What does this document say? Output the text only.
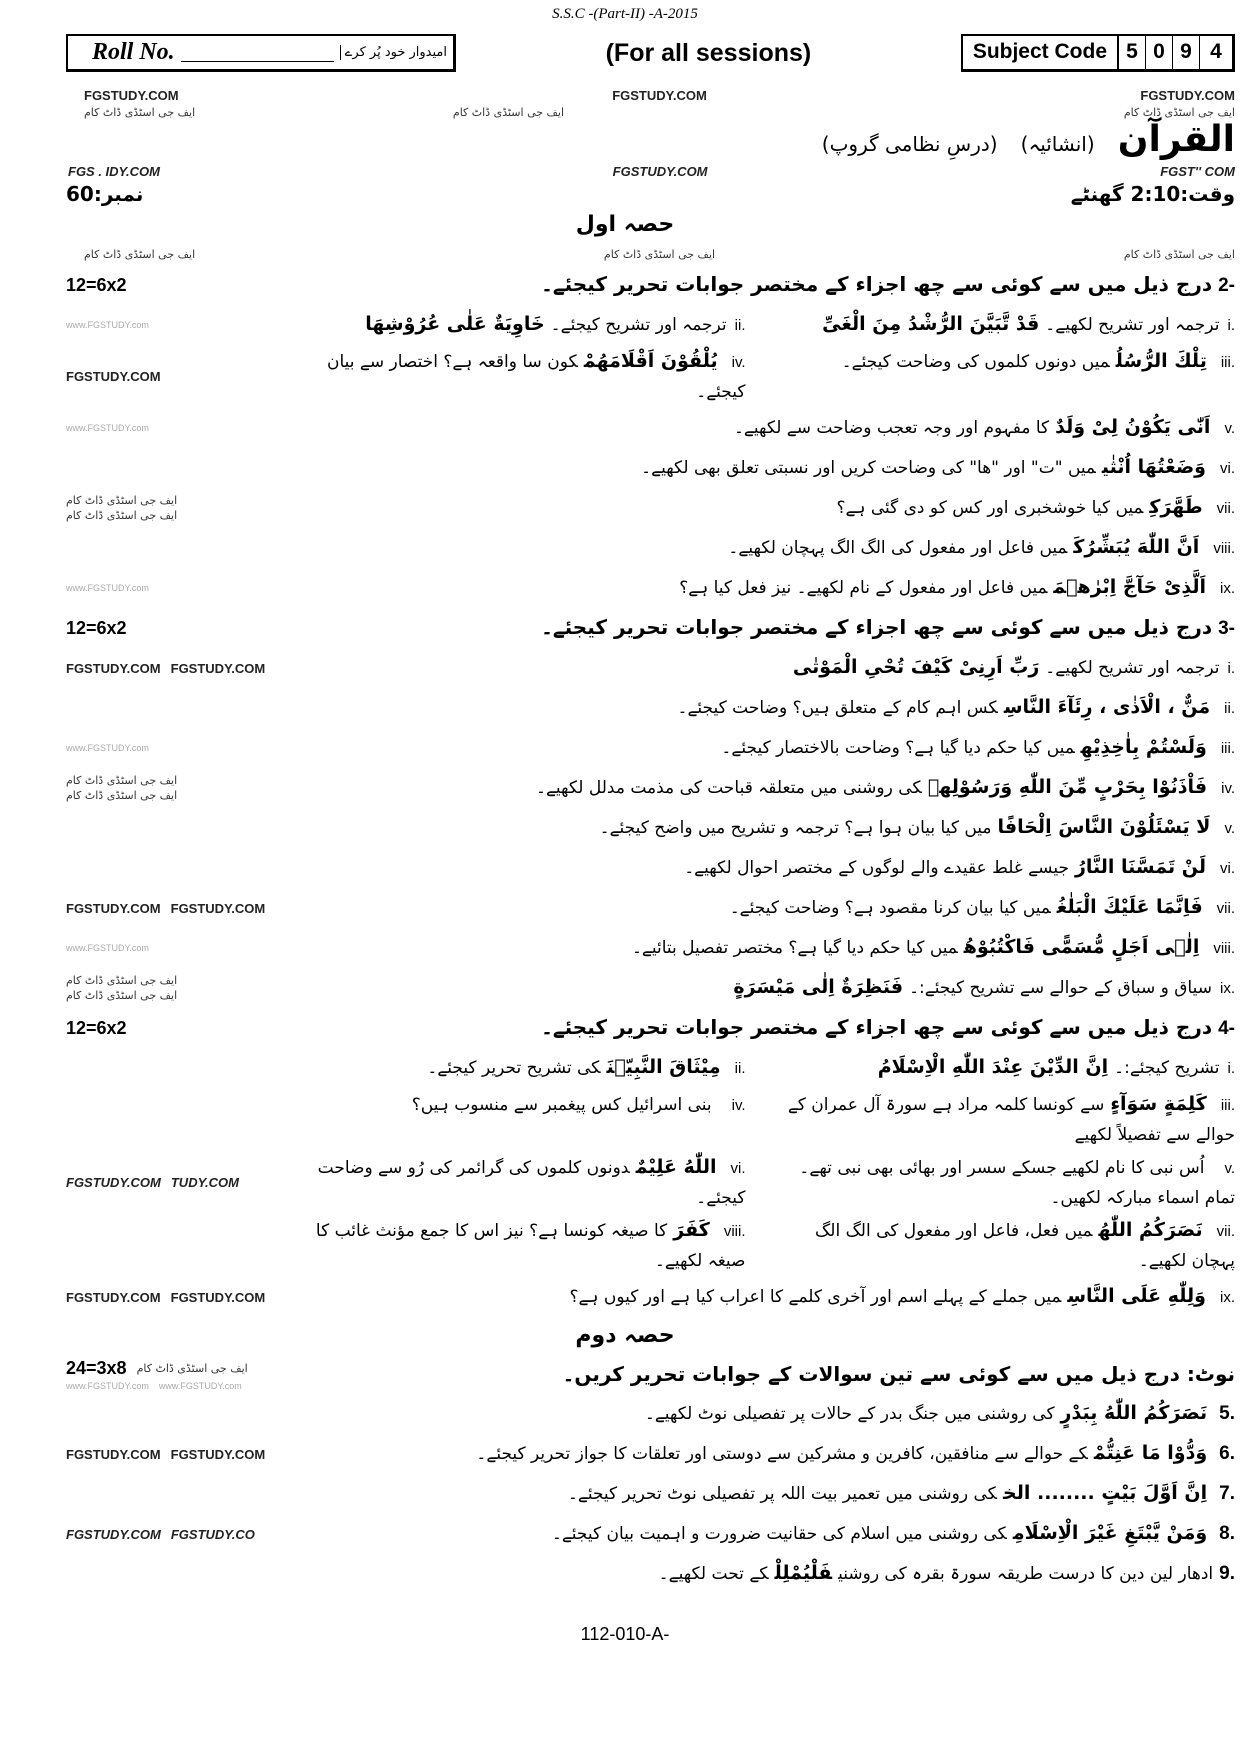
S.S.C -(Part-II) -A-2015
Roll No.	امیدوار خود پُر کرے	(For all sessions)	Subject Code 5 0 9 4
FGSTUDY.COM	FGSTUDY.COM	FGSTUDY.COM
ایف جی اسٹڈی ڈاٹ کام	ایف جی اسٹڈی ڈاٹ کام	ایف جی اسٹڈی ڈاٹ کام
القرآن (انشائیہ) (درسِ نظامی گروپ)
FGS . IDY.COM	FGSTUDY.COM	FGST'' COM
نمبر:60	وقت:2:10 گھنٹے
حصہ اول
ایف جی اسٹڈی ڈاٹ کام	ایف جی اسٹڈی ڈاٹ کام	ایف جی اسٹڈی ڈاٹ کام
12=6x2	2-درج ذیل میں سے کوئی سے چھ اجزاء کے مختصر جوابات تحریر کیجئے۔
www.FGSTUDY.com	i.ترجمہ اور تشریح لکھیے۔قَدْ تَّبَیَّنَ الرُّشْدُ مِنَ الْغَیِّ
ii.ترجمہ اور تشریح کیجئے۔خَاوِیَةٌ عَلٰی عُرُوْشِهَا
FGSTUDY.COM
iii.تِلْكَ الرُّسُلُمیں دونوں کلموں کی وضاحت کیجئے۔
iv.یُلْقُوْنَ اَقْلَامَهُمْکون سا واقعہ ہے؟ اختصار سے بیان کیجئے۔
www.FGSTUDY.com	v.اَنّٰی یَكُوْنُ لِیْ وَلَدٌکا مفہوم اور وجہ تعجب وضاحت سے لکھیے۔
vi.وَضَعْتُهَا اُنْثٰیمیں "ت" اور "ھا" کی وضاحت کریں اور نسبتی تعلق بھی لکھیے۔
ایف جی اسٹڈی ڈاٹ کام
ایف جی اسٹڈی ڈاٹ کام	vii.طَهَّرَكِمیں کیا خوشخبری اور کس کو دی گئی ہے؟
viii.اَنَّ اللّٰهَ یُبَشِّرُكَمیں فاعل اور مفعول کی الگ الگ پہچان لکھیے۔
www.FGSTUDY.com	ix.اَلَّذِیْ حَآجَّ اِبْرٰهٖمَمیں فاعل اور مفعول کے نام لکھیے۔ نیز فعل کیا ہے؟
12=6x2	3-درج ذیل میں سے کوئی سے چھ اجزاء کے مختصر جوابات تحریر کیجئے۔
FGSTUDY.COM FGSTUDY.COM	i.ترجمہ اور تشریح لکھیے۔رَبِّ اَرِنِیْ كَیْفَ تُحْیِ الْمَوْتٰی
ii.مَنٌّ ، الْاَذٰی ، رِئَآءَ النَّاسِکس اہم کام کے متعلق ہیں؟ وضاحت کیجئے۔
www.FGSTUDY.com	iii.وَلَسْتُمْ بِاٰخِذِیْهِمیں کیا حکم دیا گیا ہے؟ وضاحت بالاختصار کیجئے۔
ایف جی اسٹڈی ڈاٹ کام
ایف جی اسٹڈی ڈاٹ کام	iv.فَاْذَنُوْا بِحَرْبٍ مِّنَ اللّٰهِ وَرَسُوْلِهٖکی روشنی میں متعلقہ قباحت کی مذمت مدلل لکھیے۔
v.لَا یَسْئَلُوْنَ النَّاسَ اِلْحَافًامیں کیا بیان ہوا ہے؟ ترجمہ و تشریح میں واضح کیجئے۔
vi.لَنْ تَمَسَّنَا النَّارُجیسے غلط عقیدے والے لوگوں کے مختصر احوال لکھیے۔
FGSTUDY.COM FGSTUDY.COM	vii.فَاِنَّمَا عَلَیْكَ الْبَلٰغُمیں کیا بیان کرنا مقصود ہے؟ وضاحت کیجئے۔
www.FGSTUDY.com	viii.اِلٰۤی اَجَلٍ مُّسَمًّی فَاكْتُبُوْهُمیں کیا حکم دیا گیا ہے؟ مختصر تفصیل بتائیے۔
ایف جی اسٹڈی ڈاٹ کام
ایف جی اسٹڈی ڈاٹ کام	ix.سیاق و سباق کے حوالے سے تشریح کیجئے:۔فَنَظِرَةٌ اِلٰی مَیْسَرَةٍ
12=6x2	4-درج ذیل میں سے کوئی سے چھ اجزاء کے مختصر جوابات تحریر کیجئے۔
i.تشریح کیجئے:۔اِنَّ الدِّیْنَ عِنْدَ اللّٰهِ الْاِسْلَامُ
ii.مِیْثَاقَ النَّبِیّٖنَکی تشریح تحریر کیجئے۔
iii.كَلِمَةٍ سَوَآءٍسے کونسا کلمہ مراد ہے سورۃ آل عمران کے حوالے سے تفصیلاً لکھیے
iv.بنی اسرائیل کس پیغمبر سے منسوب ہیں؟
FGSTUDY.COM TUDY.COM
v.اُس نبی کا نام لکھیے جسکے سسر اور بھائی بھی نبی تھے۔ تمام اسماء مبارکہ لکھیں۔
vi.اللّٰهُ عَلِیْمٌدونوں کلموں کی گرائمر کی رُو سے وضاحت کیجئے۔
vii.نَصَرَكُمُ اللّٰهُمیں فعل، فاعل اور مفعول کی الگ الگ پہچان لکھیے۔
viii.كَفَرَکا صیغہ کونسا ہے؟ نیز اس کا جمع مؤنث غائب کا صیغہ لکھیے۔
FGSTUDY.COM FGSTUDY.COM	ix.وَلِلّٰهِ عَلَی النَّاسِمیں جملے کے پہلے اسم اور آخری کلمے کا اعراب کیا ہے اور کیوں ہے؟
حصہ دوم
24=3x8 ایف جی اسٹڈی ڈاٹ کام
www.FGSTUDY.com www.FGSTUDY.com	نوٹ: درج ذیل میں سے کوئی سے تین سوالات کے جوابات تحریر کریں۔
5.نَصَرَكُمُ اللّٰهُ بِبَدْرٍکی روشنی میں جنگ بدر کے حالات پر تفصیلی نوٹ لکھیے۔
FGSTUDY.COM FGSTUDY.COM	6.وَدُّوْا مَا عَنِتُّمْکے حوالے سے منافقین، کافرین و مشرکین سے دوستی اور تعلقات کا جواز تحریر کیجئے۔
7.اِنَّ اَوَّلَ بَیْتٍ ........ الخکی روشنی میں تعمیر بیت اللہ پر تفصیلی نوٹ تحریر کیجئے۔
FGSTUDY.COM FGSTUDY.CO	8.وَمَنْ یَّبْتَغِ غَیْرَ الْاِسْلَامِکی روشنی میں اسلام کی حقانیت ضرورت و اہمیت بیان کیجئے۔
9.ادھار لین دین کا درست طریقہ سورۃ بقرہ کی روشنیفَلْیُمْلِلْکے تحت لکھیے۔
112-010-A-
